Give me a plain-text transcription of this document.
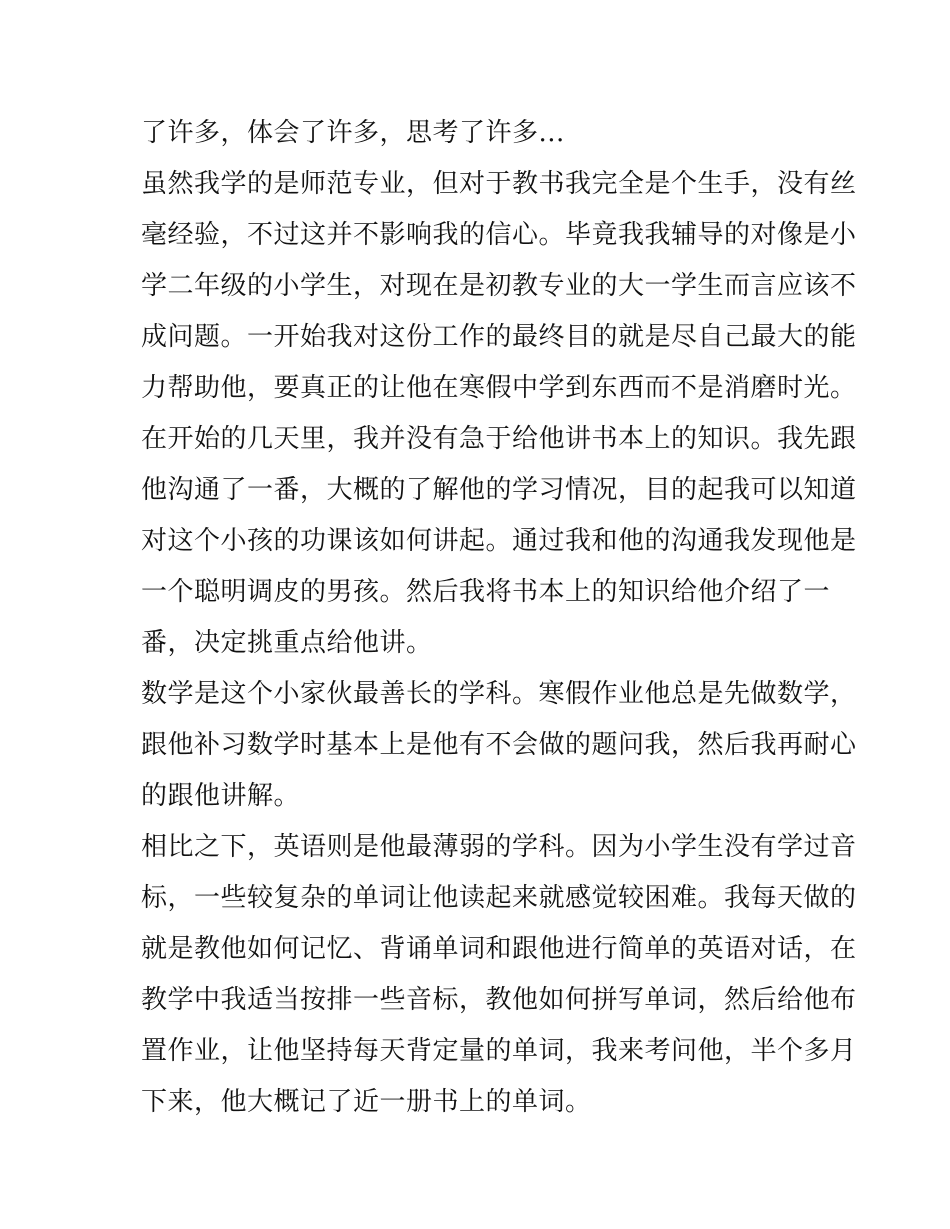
了许多，体会了许多，思考了许多...
虽然我学的是师范专业，但对于教书我完全是个生手，没有丝
毫经验，不过这并不影响我的信心。毕竟我我辅导的对像是小
学二年级的小学生，对现在是初教专业的大一学生而言应该不
成问题。一开始我对这份工作的最终目的就是尽自己最大的能
力帮助他，要真正的让他在寒假中学到东西而不是消磨时光。
在开始的几天里，我并没有急于给他讲书本上的知识。我先跟
他沟通了一番，大概的了解他的学习情况，目的起我可以知道
对这个小孩的功课该如何讲起。通过我和他的沟通我发现他是
一个聪明调皮的男孩。然后我将书本上的知识给他介绍了一
番，决定挑重点给他讲。
数学是这个小家伙最善长的学科。寒假作业他总是先做数学，
跟他补习数学时基本上是他有不会做的题问我，然后我再耐心
的跟他讲解。
相比之下，英语则是他最薄弱的学科。因为小学生没有学过音
标，一些较复杂的单词让他读起来就感觉较困难。我每天做的
就是教他如何记忆、背诵单词和跟他进行简单的英语对话，在
教学中我适当按排一些音标，教他如何拼写单词，然后给他布
置作业，让他坚持每天背定量的单词，我来考问他，半个多月
下来，他大概记了近一册书上的单词。
